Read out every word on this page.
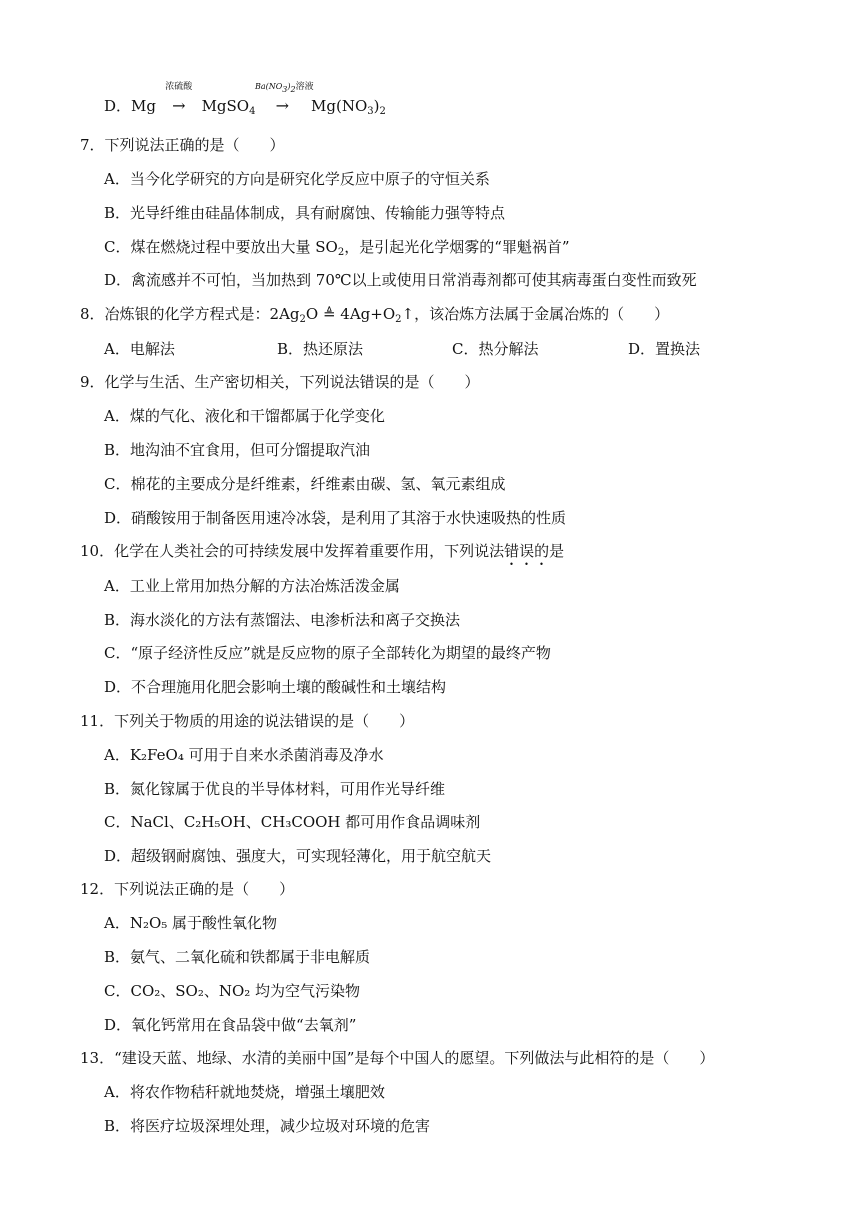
D．Mg
浓硫酸
→ MgSO$_4$
$Ba(NO_3)_2$溶液
→ $Mg(NO_3)_2$
7．下列说法正确的是（　　）
A．当今化学研究的方向是研究化学反应中原子的守恒关系
B．光导纤维由硅晶体制成，具有耐腐蚀、传输能力强等特点
C．煤在燃烧过程中要放出大量 $SO_2$，是引起光化学烟雾的“罪魁祸首”
D．禽流感并不可怕，当加热到 70℃以上或使用日常消毒剂都可使其病毒蛋白变性而致死
8．冶炼银的化学方程式是：$2Ag_2O$ ≜ $4Ag+O_2↑$，该冶炼方法属于金属冶炼的（　　）
A．电解法	B．热还原法	C．热分解法	D．置换法
9．化学与生活、生产密切相关，下列说法错误的是（　　）
A．煤的气化、液化和干馏都属于化学变化
B．地沟油不宜食用，但可分馏提取汽油
C．棉花的主要成分是纤维素，纤维素由碳、氢、氧元素组成
D．硝酸铵用于制备医用速冷冰袋，是利用了其溶于水快速吸热的性质
10．化学在人类社会的可持续发展中发挥着重要作用，下列说法错误的是
A．工业上常用加热分解的方法冶炼活泼金属
B．海水淡化的方法有蒸馏法、电渗析法和离子交换法
C．“原子经济性反应”就是反应物的原子全部转化为期望的最终产物
D．不合理施用化肥会影响土壤的酸碱性和土壤结构
11．下列关于物质的用途的说法错误的是（　　）
A．K₂FeO₄ 可用于自来水杀菌消毒及净水
B．氮化镓属于优良的半导体材料，可用作光导纤维
C．NaCl、C₂H₅OH、CH₃COOH 都可用作食品调味剂
D．超级钢耐腐蚀、强度大，可实现轻薄化，用于航空航天
12．下列说法正确的是（　　）
A．N₂O₅ 属于酸性氧化物
B．氨气、二氧化硫和铁都属于非电解质
C．CO₂、SO₂、NO₂ 均为空气污染物
D．氧化钙常用在食品袋中做“去氧剂”
13．“建设天蓝、地绿、水清的美丽中国”是每个中国人的愿望。下列做法与此相符的是（　　）
A．将农作物秸秆就地焚烧，增强土壤肥效
B．将医疗垃圾深埋处理，减少垃圾对环境的危害
